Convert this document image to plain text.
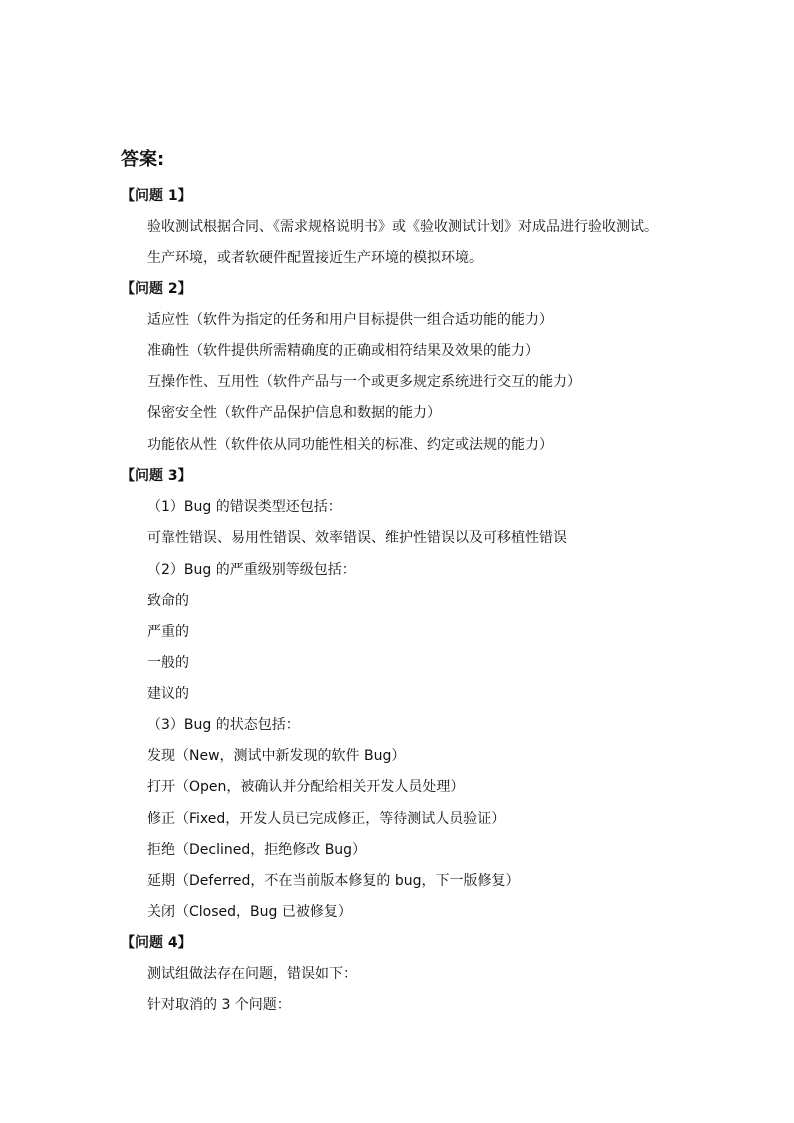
答案:
【问题 1】
验收测试根据合同、《需求规格说明书》或《验收测试计划》对成品进行验收测试。
生产环境，或者软硬件配置接近生产环境的模拟环境。
【问题 2】
适应性（软件为指定的任务和用户目标提供一组合适功能的能力）
准确性（软件提供所需精确度的正确或相符结果及效果的能力）
互操作性、互用性（软件产品与一个或更多规定系统进行交互的能力）
保密安全性（软件产品保护信息和数据的能力）
功能依从性（软件依从同功能性相关的标准、约定或法规的能力）
【问题 3】
（1）Bug 的错误类型还包括：
可靠性错误、易用性错误、效率错误、维护性错误以及可移植性错误
（2）Bug 的严重级别等级包括：
致命的
严重的
一般的
建议的
（3）Bug 的状态包括：
发现（New，测试中新发现的软件 Bug）
打开（Open，被确认并分配给相关开发人员处理）
修正（Fixed，开发人员已完成修正，等待测试人员验证）
拒绝（Declined，拒绝修改 Bug）
延期（Deferred，不在当前版本修复的 bug，下一版修复）
关闭（Closed，Bug 已被修复）
【问题 4】
测试组做法存在问题，错误如下：
针对取消的 3 个问题：
